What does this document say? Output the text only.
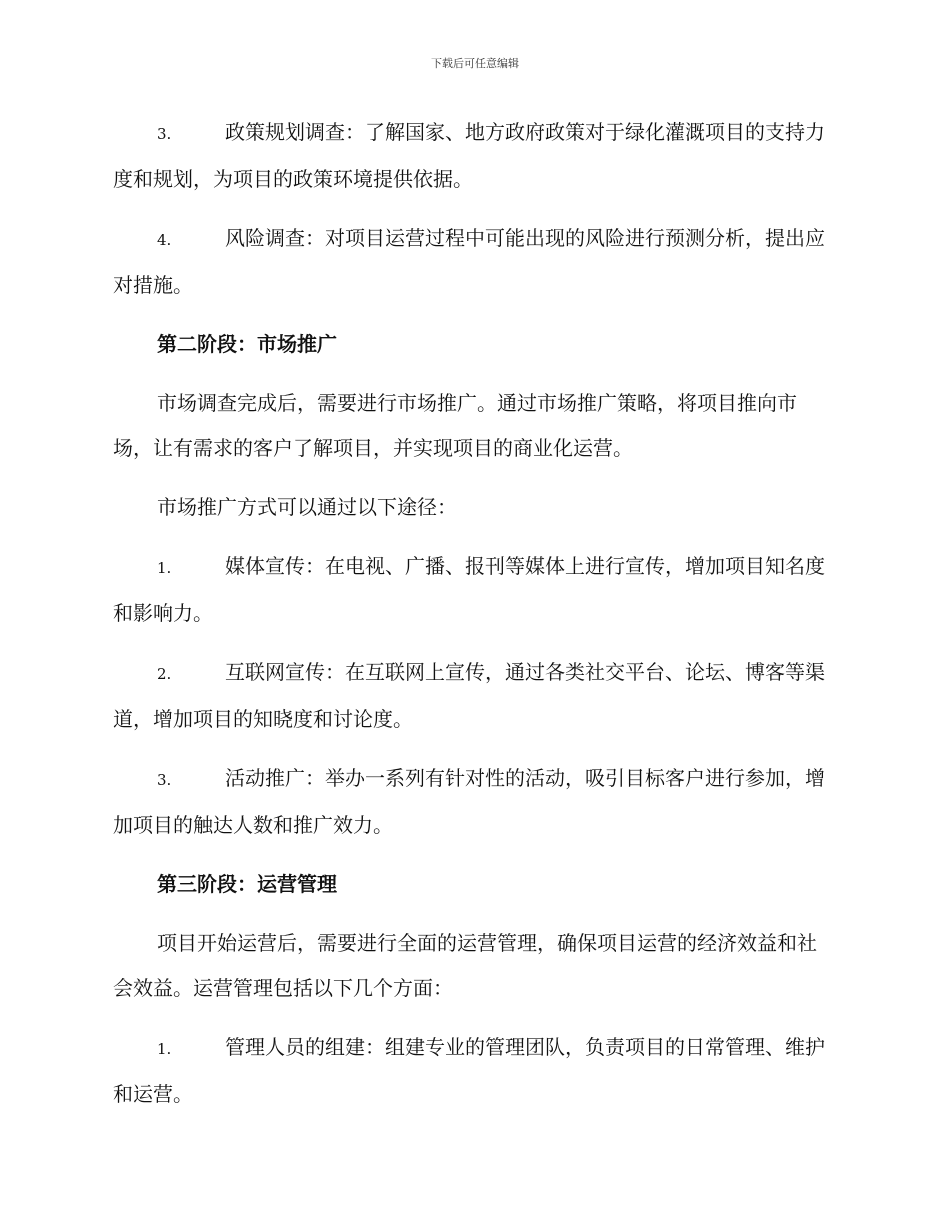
下载后可任意编辑
3.	政策规划调查：了解国家、地方政府政策对于绿化灌溉项目的支持力度和规划，为项目的政策环境提供依据。
4.	风险调查：对项目运营过程中可能出现的风险进行预测分析，提出应对措施。
第二阶段：市场推广
市场调查完成后，需要进行市场推广。通过市场推广策略，将项目推向市场，让有需求的客户了解项目，并实现项目的商业化运营。
市场推广方式可以通过以下途径：
1.	媒体宣传：在电视、广播、报刊等媒体上进行宣传，增加项目知名度和影响力。
2.	互联网宣传：在互联网上宣传，通过各类社交平台、论坛、博客等渠道，增加项目的知晓度和讨论度。
3.	活动推广：举办一系列有针对性的活动，吸引目标客户进行参加，增加项目的触达人数和推广效力。
第三阶段：运营管理
项目开始运营后，需要进行全面的运营管理，确保项目运营的经济效益和社会效益。运营管理包括以下几个方面：
1.	管理人员的组建：组建专业的管理团队，负责项目的日常管理、维护和运营。
